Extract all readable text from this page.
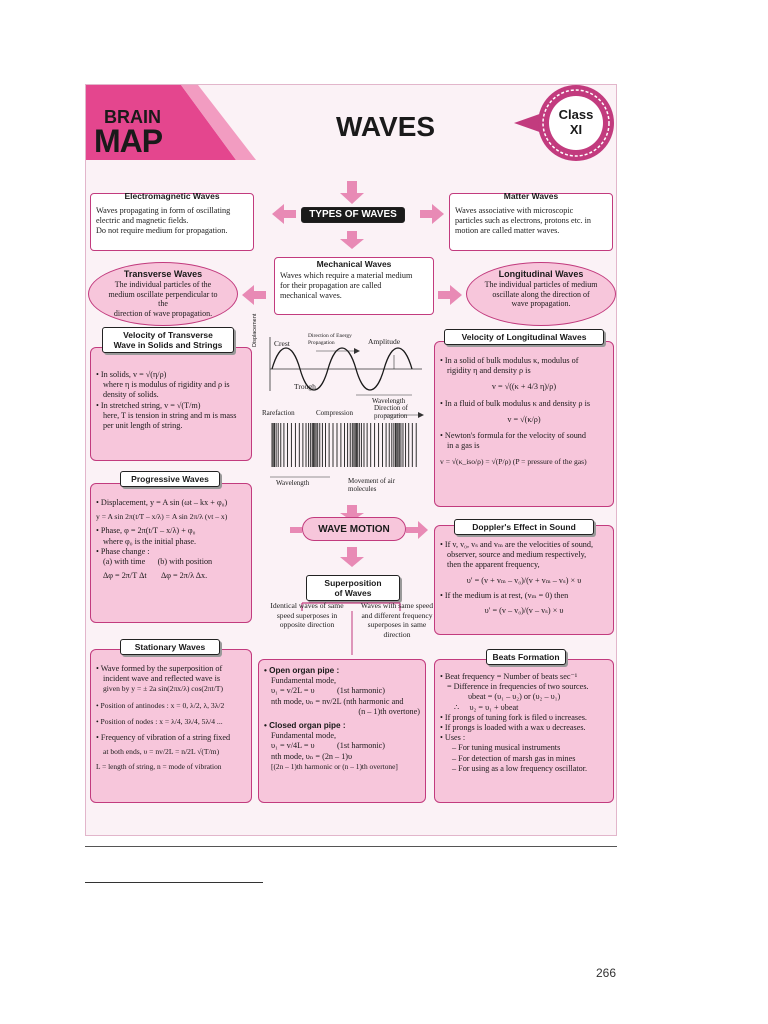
BRAIN
MAP	WAVES	Class
XI
TYPES OF WAVES
Waves propagating in form of oscillating
electric and magnetic fields.
Do not require medium for propagation.
Electromagnetic Waves
Waves associative with microscopic
particles such as electrons, protons etc. in
motion are called matter waves.
Matter Waves
Waves which require a material medium
for their propagation are called
mechanical waves.
Mechanical Waves
Transverse Waves
The individual particles of the
medium oscillate perpendicular to the
direction of wave propagation.
Longitudinal Waves
The individual particles of medium
oscillate along the direction of
wave propagation.
• In solids, v = √(η/ρ)
where η is modulus of rigidity and ρ is
density of solids.
• In stretched string, v = √(T/m)
here, T is tension in string and m is mass
per unit length of string.
Velocity of Transverse
Wave in Solids and Strings
• In a solid of bulk modulus κ, modulus of
rigidity η and density ρ is
v = √((κ + 4/3 η)/ρ)
• In a fluid of bulk modulus κ and density ρ is
v = √(κ/ρ)
• Newton's formula for the velocity of sound
in a gas is
v = √(κ_iso/ρ) = √(P/ρ) (P = pressure of the gas)
Velocity of Longitudinal Waves
Displacement Crest
Direction of Energy Propagation	Amplitude
Trough
Wavelength
Rarefaction	Compression
Direction of propagation
Wavelength	Movement of air molecules
• Displacement, y = A sin (ωt – kx + φ₀)
y = A sin 2π(t/T – x/λ) = A sin 2π/λ (vt – x)
• Phase, φ = 2π(t/T – x/λ) + φ₀
where φ₀ is the initial phase.
• Phase change :
(a) with time      (b) with position
Δφ = 2π/T Δt       Δφ = 2π/λ Δx.
Progressive Waves
WAVE MOTION
• If v, v₀, vₛ and vₘ are the velocities of sound,
observer, source and medium respectively,
then the apparent frequency,
υ′ = (v + vₘ – v₀)/(v + vₘ – vₛ) × υ
• If the medium is at rest, (vₘ = 0) then
υ′ = (v – v₀)/(v – vₛ) × υ
Doppler's Effect in Sound
Superposition
of Waves
Identical waves of same speed superposes in opposite direction
Waves with same speed and different frequency superposes in same direction
• Wave formed by the superposition of
incident wave and reflected wave is
given by y = ± 2a sin(2πx/λ) cos(2πt/T)
• Position of antinodes : x = 0, λ/2, λ, 3λ/2
• Position of nodes : x = λ/4, 3λ/4, 5λ/4 ...
• Frequency of vibration of a string fixed
at both ends, υ = nv/2L = n/2L √(T/m)
L = length of string, n = mode of vibration
Stationary Waves
• Open organ pipe :
Fundamental mode,
υ₁ = v/2L = υ           (1st harmonic)
nth mode, υₙ = nv/2L (nth harmonic and
(n – 1)th overtone)
• Closed organ pipe :
Fundamental mode,
υ₁ = v/4L = υ           (1st harmonic)
nth mode, υₙ = (2n – 1)υ
[(2n – 1)th harmonic or (n – 1)th overtone]
• Beat frequency = Number of beats sec⁻¹
= Difference in frequencies of two sources.
υbeat = (υ₁ – υ₂) or (υ₂ – υ₁)
∴     υ₂ = υ₁ + υbeat
• If prongs of tuning fork is filed υ increases.
• If prongs is loaded with a wax υ decreases.
• Uses :
– For tuning musical instruments
– For detection of marsh gas in mines
– For using as a low frequency oscillator.
Beats Formation
266
